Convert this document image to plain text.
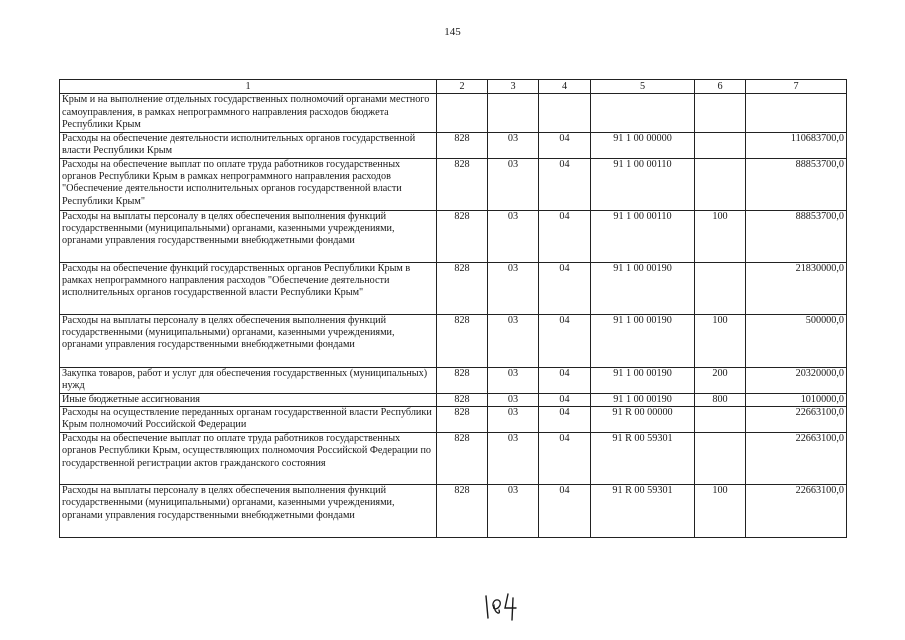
145
1	2	3	4	5	6	7
Крым и на выполнение отдельных государственных полномочий органами местного самоуправления, в рамках непрограммного направления расходов бюджета Республики Крым						
Расходы на обеспечение деятельности исполнительных органов государственной власти Республики Крым	828	03	04	91 1 00 00000		110683700,0
Расходы на обеспечение выплат по оплате труда работников государственных органов Республики Крым в рамках непрограммного направления расходов "Обеспечение деятельности исполнительных органов государственной власти Республики Крым"	828	03	04	91 1 00 00110		88853700,0
Расходы на выплаты персоналу в целях обеспечения выполнения функций государственными (муниципальными) органами, казенными учреждениями, органами управления государственными внебюджетными фондами	828	03	04	91 1 00 00110	100	88853700,0
Расходы на обеспечение функций государственных органов Республики Крым в рамках непрограммного направления расходов "Обеспечение деятельности исполнительных органов государственной власти Республики Крым"	828	03	04	91 1 00 00190		21830000,0
Расходы на выплаты персоналу в целях обеспечения выполнения функций государственными (муниципальными) органами, казенными учреждениями, органами управления государственными внебюджетными фондами	828	03	04	91 1 00 00190	100	500000,0
Закупка товаров, работ и услуг для обеспечения государственных (муниципальных) нужд	828	03	04	91 1 00 00190	200	20320000,0
Иные бюджетные ассигнования	828	03	04	91 1 00 00190	800	1010000,0
Расходы на осуществление переданных органам государственной власти Республики Крым полномочий Российской Федерации	828	03	04	91 R 00 00000		22663100,0
Расходы на обеспечение выплат по оплате труда работников государственных органов Республики Крым, осуществляющих полномочия Российской Федерации по государственной регистрации актов гражданского состояния	828	03	04	91 R 00 59301		22663100,0
Расходы на выплаты персоналу в целях обеспечения выполнения функций государственными (муниципальными) органами, казенными учреждениями, органами управления государственными внебюджетными фондами	828	03	04	91 R 00 59301	100	22663100,0
